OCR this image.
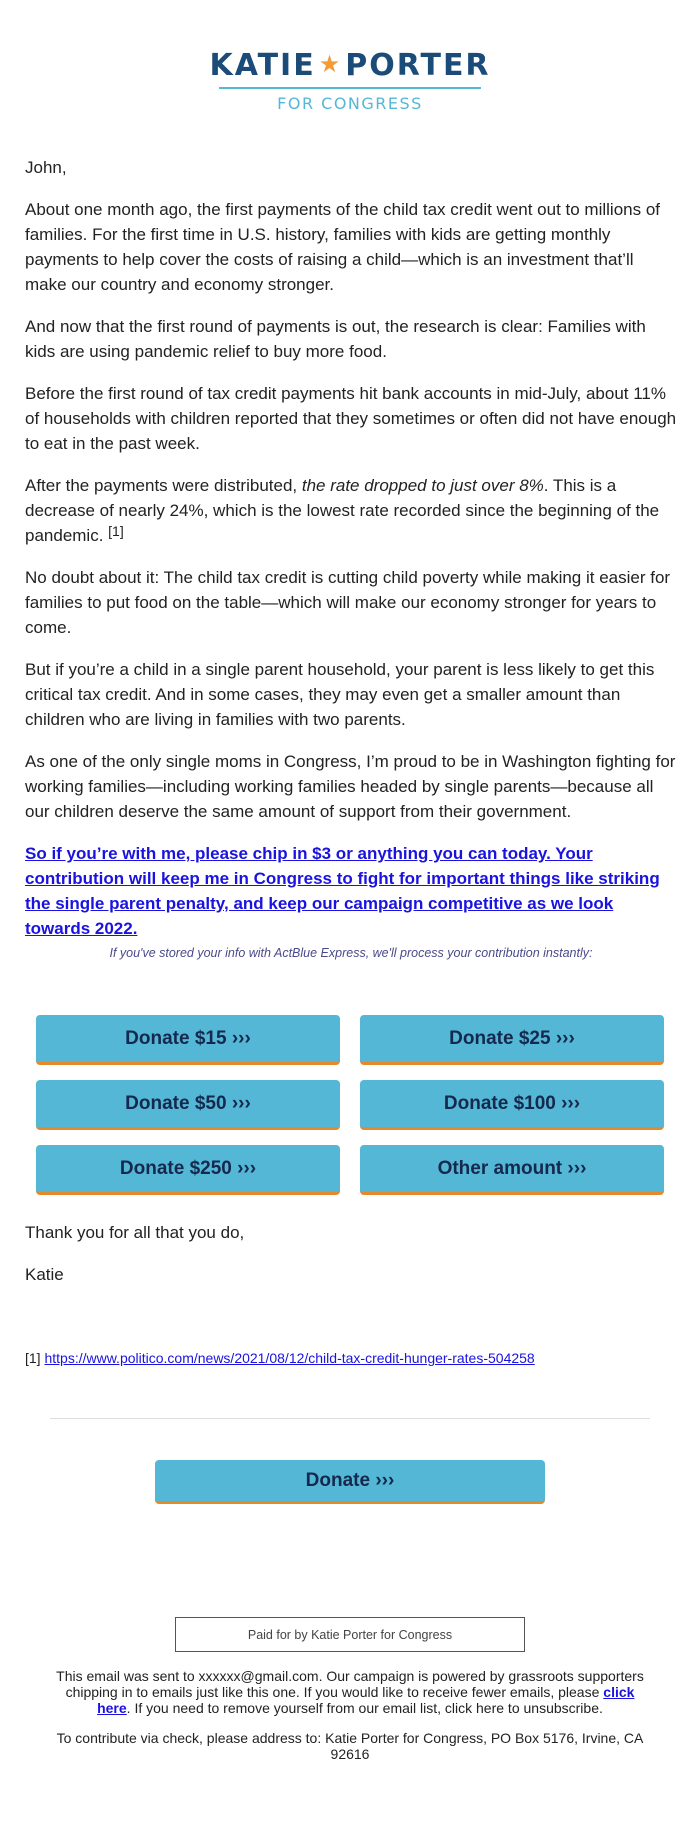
KATIE ★ PORTER
FOR CONGRESS

John,

About one month ago, the first payments of the child tax credit went out to millions of families. For the first time in U.S. history, families with kids are getting monthly payments to help cover the costs of raising a child—which is an investment that’ll make our country and economy stronger.

And now that the first round of payments is out, the research is clear: Families with kids are using pandemic relief to buy more food.

Before the first round of tax credit payments hit bank accounts in mid-July, about 11% of households with children reported that they sometimes or often did not have enough to eat in the past week.

After the payments were distributed, the rate dropped to just over 8%. This is a decrease of nearly 24%, which is the lowest rate recorded since the beginning of the pandemic. [1]

No doubt about it: The child tax credit is cutting child poverty while making it easier for families to put food on the table—which will make our economy stronger for years to come.

But if you’re a child in a single parent household, your parent is less likely to get this critical tax credit. And in some cases, they may even get a smaller amount than children who are living in families with two parents.

As one of the only single moms in Congress, I’m proud to be in Washington fighting for working families—including working families headed by single parents—because all our children deserve the same amount of support from their government.

So if you’re with me, please chip in $3 or anything you can today. Your contribution will keep me in Congress to fight for important things like striking the single parent penalty, and keep our campaign competitive as we look towards 2022.

If you've stored your info with ActBlue Express, we'll process your contribution instantly:

Donate $15 ›››	Donate $25 ›››
Donate $50 ›››	Donate $100 ›››
Donate $250 ›››	Other amount ›››

Thank you for all that you do,

Katie

[1] https://www.politico.com/news/2021/08/12/child-tax-credit-hunger-rates-504258
Donate ›››
Paid for by Katie Porter for Congress

This email was sent to xxxxxx@gmail.com. Our campaign is powered by grassroots supporters chipping in to emails just like this one. If you would like to receive fewer emails, please click here. If you need to remove yourself from our email list, click here to unsubscribe.

To contribute via check, please address to: Katie Porter for Congress, PO Box 5176, Irvine, CA 92616
